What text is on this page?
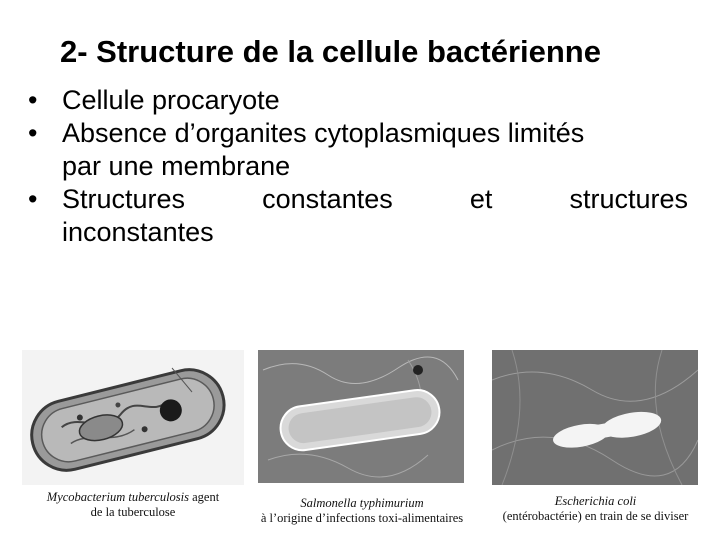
2- Structure de la cellule bactérienne
• Cellule procaryote
• Absence d’organites cytoplasmiques limités
par une membrane
• Structures constantes et structures
inconstantes
Mycobacterium tuberculosis agent
de la tuberculose
Salmonella typhimurium
à l’origine d’infections toxi-alimentaires
Escherichia coli
(entérobactérie) en train de se diviser
